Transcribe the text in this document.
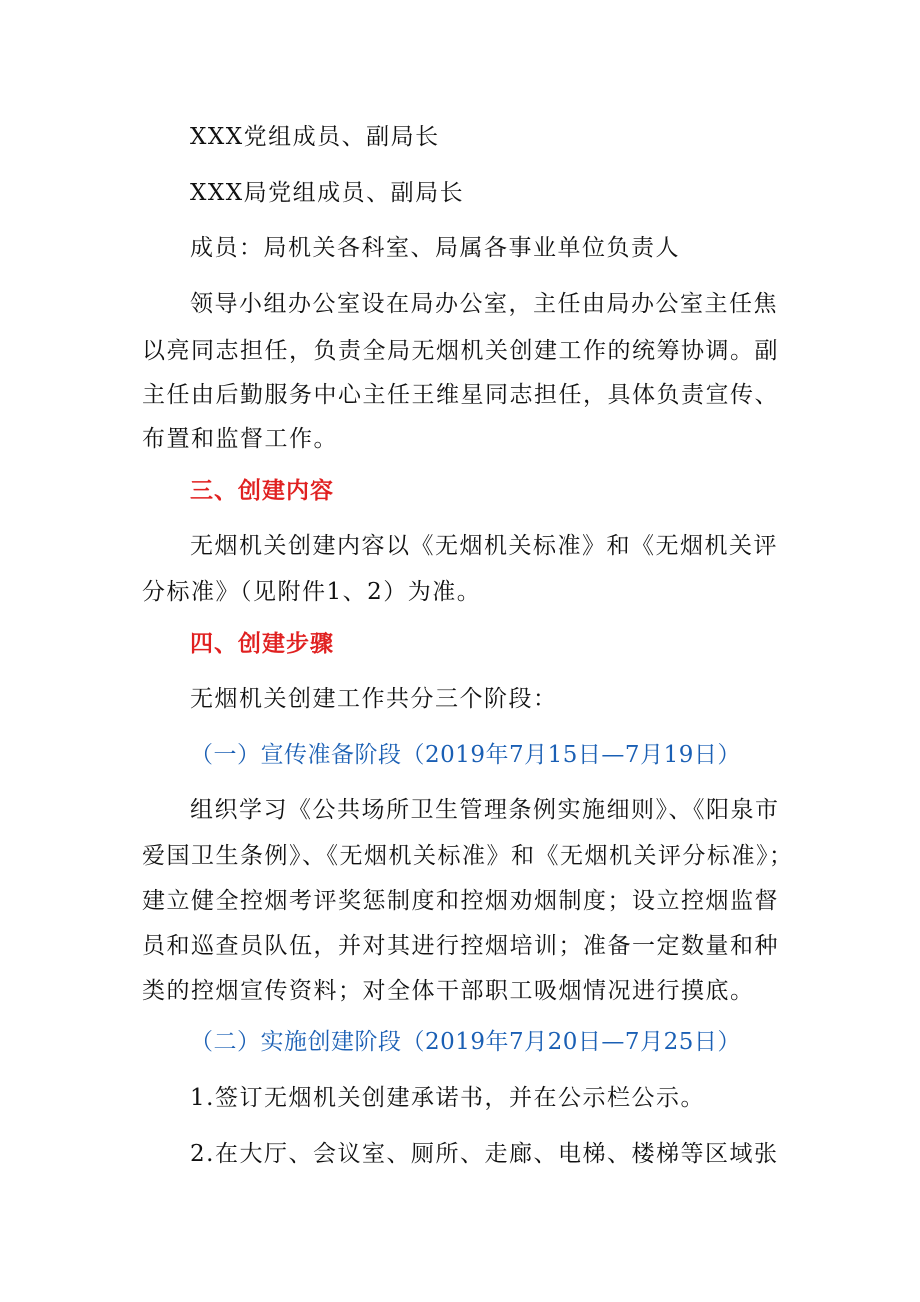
XXX党组成员、副局长
XXX局党组成员、副局长
成员：局机关各科室、局属各事业单位负责人
领导小组办公室设在局办公室，主任由局办公室主任焦
以亮同志担任，负责全局无烟机关创建工作的统筹协调。副
主任由后勤服务中心主任王维星同志担任，具体负责宣传、
布置和监督工作。
三、创建内容
无烟机关创建内容以《无烟机关标准》和《无烟机关评
分标准》（见附件1、2）为准。
四、创建步骤
无烟机关创建工作共分三个阶段：
（一）宣传准备阶段（2019年7月15日—7月19日）
组织学习《公共场所卫生管理条例实施细则》、《阳泉市
爱国卫生条例》、《无烟机关标准》和《无烟机关评分标准》；
建立健全控烟考评奖惩制度和控烟劝烟制度；设立控烟监督
员和巡查员队伍，并对其进行控烟培训；准备一定数量和种
类的控烟宣传资料；对全体干部职工吸烟情况进行摸底。
（二）实施创建阶段（2019年7月20日—7月25日）
1.签订无烟机关创建承诺书，并在公示栏公示。
2.在大厅、会议室、厕所、走廊、电梯、楼梯等区域张
